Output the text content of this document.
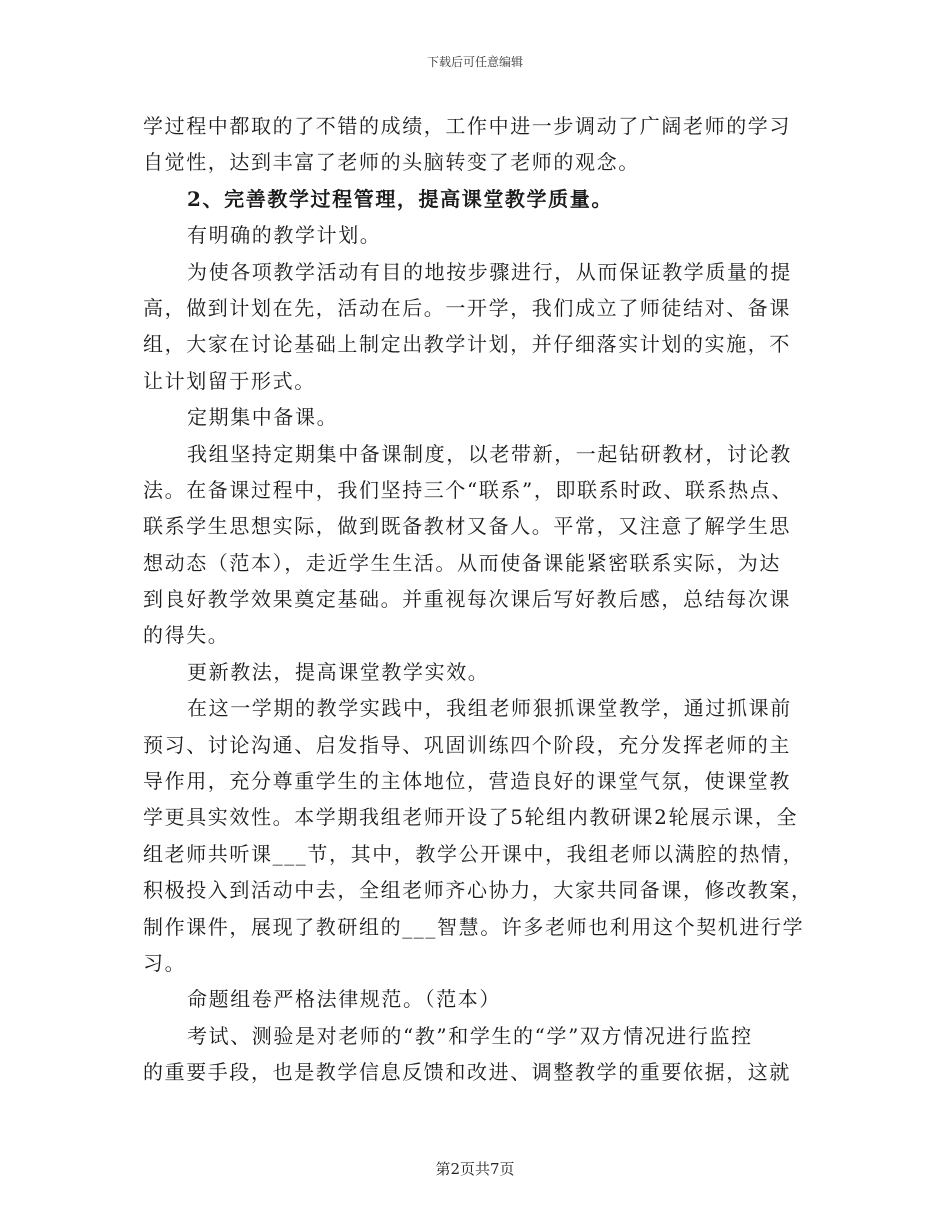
下载后可任意编辑
学过程中都取的了不错的成绩，工作中进一步调动了广阔老师的学习
自觉性，达到丰富了老师的头脑转变了老师的观念。
2、完善教学过程管理，提高课堂教学质量。
有明确的教学计划。
为使各项教学活动有目的地按步骤进行，从而保证教学质量的提
高，做到计划在先，活动在后。一开学，我们成立了师徒结对、备课
组，大家在讨论基础上制定出教学计划，并仔细落实计划的实施，不
让计划留于形式。
定期集中备课。
我组坚持定期集中备课制度，以老带新，一起钻研教材，讨论教
法。在备课过程中，我们坚持三个“联系”，即联系时政、联系热点、
联系学生思想实际，做到既备教材又备人。平常，又注意了解学生思
想动态（范本），走近学生生活。从而使备课能紧密联系实际，为达
到良好教学效果奠定基础。并重视每次课后写好教后感，总结每次课
的得失。
更新教法，提高课堂教学实效。
在这一学期的教学实践中，我组老师狠抓课堂教学，通过抓课前
预习、讨论沟通、启发指导、巩固训练四个阶段，充分发挥老师的主
导作用，充分尊重学生的主体地位，营造良好的课堂气氛，使课堂教
学更具实效性。本学期我组老师开设了5轮组内教研课2轮展示课，全
组老师共听课___节，其中，教学公开课中，我组老师以满腔的热情，
积极投入到活动中去，全组老师齐心协力，大家共同备课，修改教案，
制作课件，展现了教研组的___智慧。许多老师也利用这个契机进行学
习。
命题组卷严格法律规范。（范本）
考试、测验是对老师的“教”和学生的“学”双方情况进行监控
的重要手段，也是教学信息反馈和改进、调整教学的重要依据，这就
第2页共7页
